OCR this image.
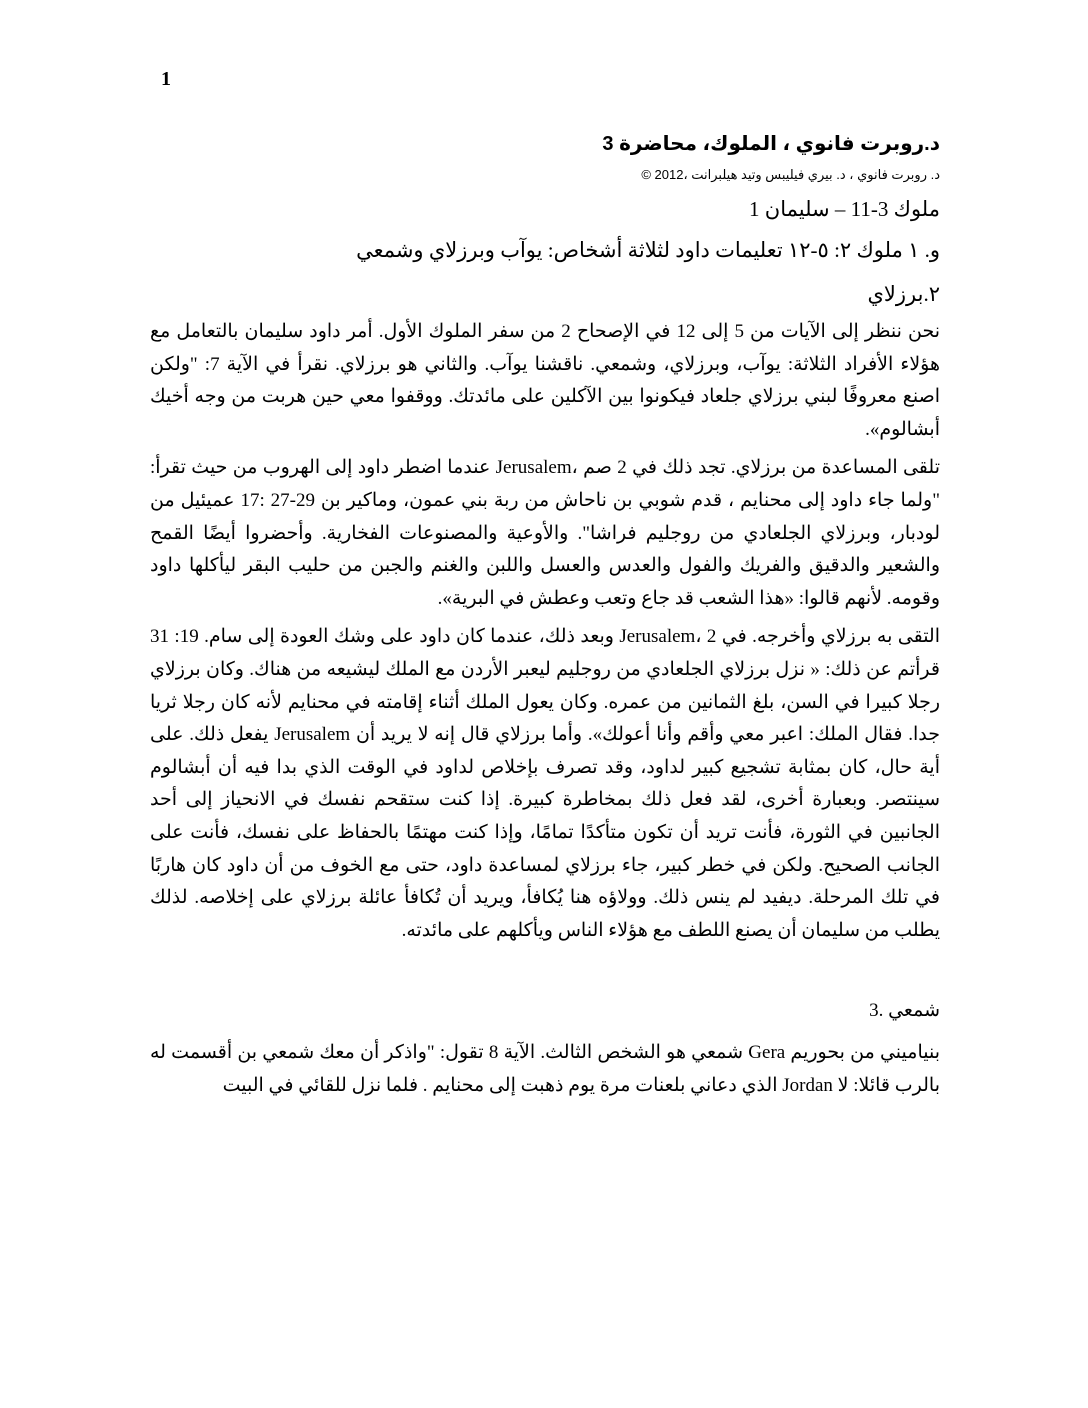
1
د.روبرت فانوي ، الملوك، محاضرة 3

د. روبرت فانوي ، د. بيري فيليبس وتيد هيلبرانت ،2012 ©

ملوك 3-11 – سليمان 1

و. ١ ملوك ٢: ٥-١٢ تعليمات داود لثلاثة أشخاص: يوآب وبرزلاي وشمعي

٢.برزلاي

نحن ننظر إلى الآيات من 5 إلى 12 في الإصحاح 2 من سفر الملوك الأول. أمر داود سليمان بالتعامل مع هؤلاء الأفراد الثلاثة: يوآب، وبرزلاي، وشمعي. ناقشنا يوآب. والثاني هو برزلاي. نقرأ في الآية 7: "ولكن اصنع معروفًا لبني برزلاي جلعاد فيكونوا بين الآكلين على مائدتك. ووقفوا معي حين هربت من وجه أخيك أبشالوم».

تلقى المساعدة من برزلاي. تجد ذلك في 2 صم ،Jerusalem عندما اضطر داود إلى الهروب من حيث تقرأ: "ولما جاء داود إلى محنايم ، قدم شوبي بن ناحاش من ربة بني عمون، وماكير بن 29-27 :17 عميئيل من لودبار، وبرزلاي الجلعادي من روجليم فراشا". والأوعية والمصنوعات الفخارية. وأحضروا أيضًا القمح والشعير والدقيق والفريك والفول والعدس والعسل واللبن والغنم والجبن من حليب البقر ليأكلها داود وقومه. لأنهم قالوا: «هذا الشعب قد جاع وتعب وعطش في البرية».

التقى به برزلاي وأخرجه. في 2 ،Jerusalem وبعد ذلك، عندما كان داود على وشك العودة إلى سام. 19: 31 قرأتم عن ذلك: « نزل برزلاي الجلعادي من روجليم ليعبر الأردن مع الملك ليشيعه من هناك. وكان برزلاي رجلا كبيرا في السن، بلغ الثمانين من عمره. وكان يعول الملك أثناء إقامته في محنايم لأنه كان رجلا ثريا جدا. فقال الملك: اعبر معي وأقم وأنا أعولك». وأما برزلاي قال إنه لا يريد أن Jerusalem يفعل ذلك. على أية حال، كان بمثابة تشجيع كبير لداود، وقد تصرف بإخلاص لداود في الوقت الذي بدا فيه أن أبشالوم سينتصر. وبعبارة أخرى، لقد فعل ذلك بمخاطرة كبيرة. إذا كنت ستقحم نفسك في الانحياز إلى أحد الجانبين في الثورة، فأنت تريد أن تكون متأكدًا تمامًا، وإذا كنت مهتمًا بالحفاظ على نفسك، فأنت على الجانب الصحيح. ولكن في خطر كبير، جاء برزلاي لمساعدة داود، حتى مع الخوف من أن داود كان هاربًا في تلك المرحلة. ديفيد لم ينس ذلك. وولاؤه هنا يُكافأ، ويريد أن تُكافأ عائلة برزلاي على إخلاصه. لذلك يطلب من سليمان أن يصنع اللطف مع هؤلاء الناس ويأكلهم على مائدته.

شمعي .3

بنياميني من بحوريم Gera شمعي هو الشخص الثالث. الآية 8 تقول: "واذكر أن معك شمعي بن أقسمت له بالرب قائلا: لا Jordan الذي دعاني بلعنات مرة يوم ذهبت إلى محنايم . فلما نزل للقائي في البيت
